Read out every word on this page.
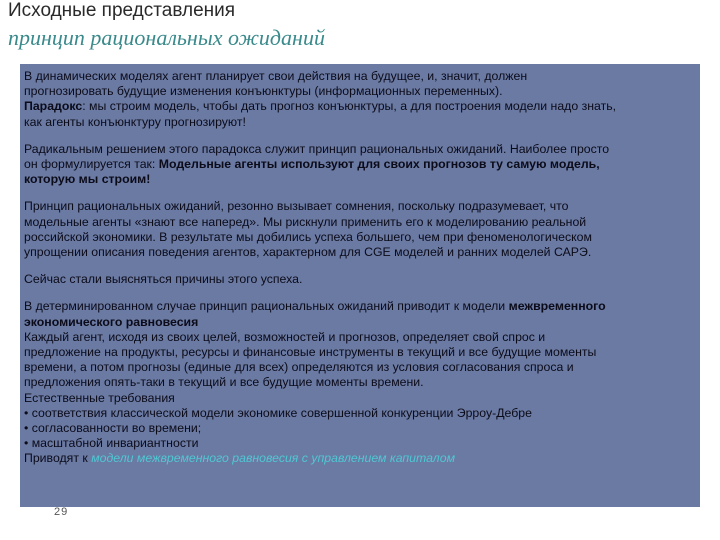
Исходные представления
принцип рациональных ожиданий

В динамических моделях агент планирует свои действия на будущее, и, значит, должен

прогнозировать будущие изменения конъюнктуры (информационных переменных).

Парадокс: мы строим модель, чтобы дать прогноз конъюнктуры, а для построения модели надо знать,

как агенты конъюнктуру прогнозируют!

Радикальным решением этого парадокса служит принцип рациональных ожиданий. Наиболее просто

он формулируется так: Модельные агенты используют для своих прогнозов ту самую модель,

которую мы строим!

Принцип рациональных ожиданий, резонно вызывает сомнения, поскольку подразумевает, что

модельные агенты «знают все наперед». Мы рискнули применить его к моделированию реальной

российской экономики. В результате мы добились успеха большего, чем при феноменологическом

упрощении описания поведения агентов, характерном для CGE моделей и ранних моделей САРЭ.

Сейчас стали выясняться причины этого успеха.

В детерминированном случае принцип рациональных ожиданий приводит к модели межвременного

экономического равновесия

Каждый агент, исходя из своих целей, возможностей и прогнозов, определяет свой спрос и

предложение на продукты, ресурсы и финансовые инструменты в текущий и все будущие моменты

времени, а потом прогнозы (единые для всех) определяются из условия согласования спроса и

предложения опять-таки в текущий и все будущие моменты времени.

Естественные требования

• соответствия классической модели экономике совершенной конкуренции Эрроу-Дебре

• согласованности во времени;

• масштабной инвариантности

Приводят к модели межвременного равновесия с управлением капиталом

29
